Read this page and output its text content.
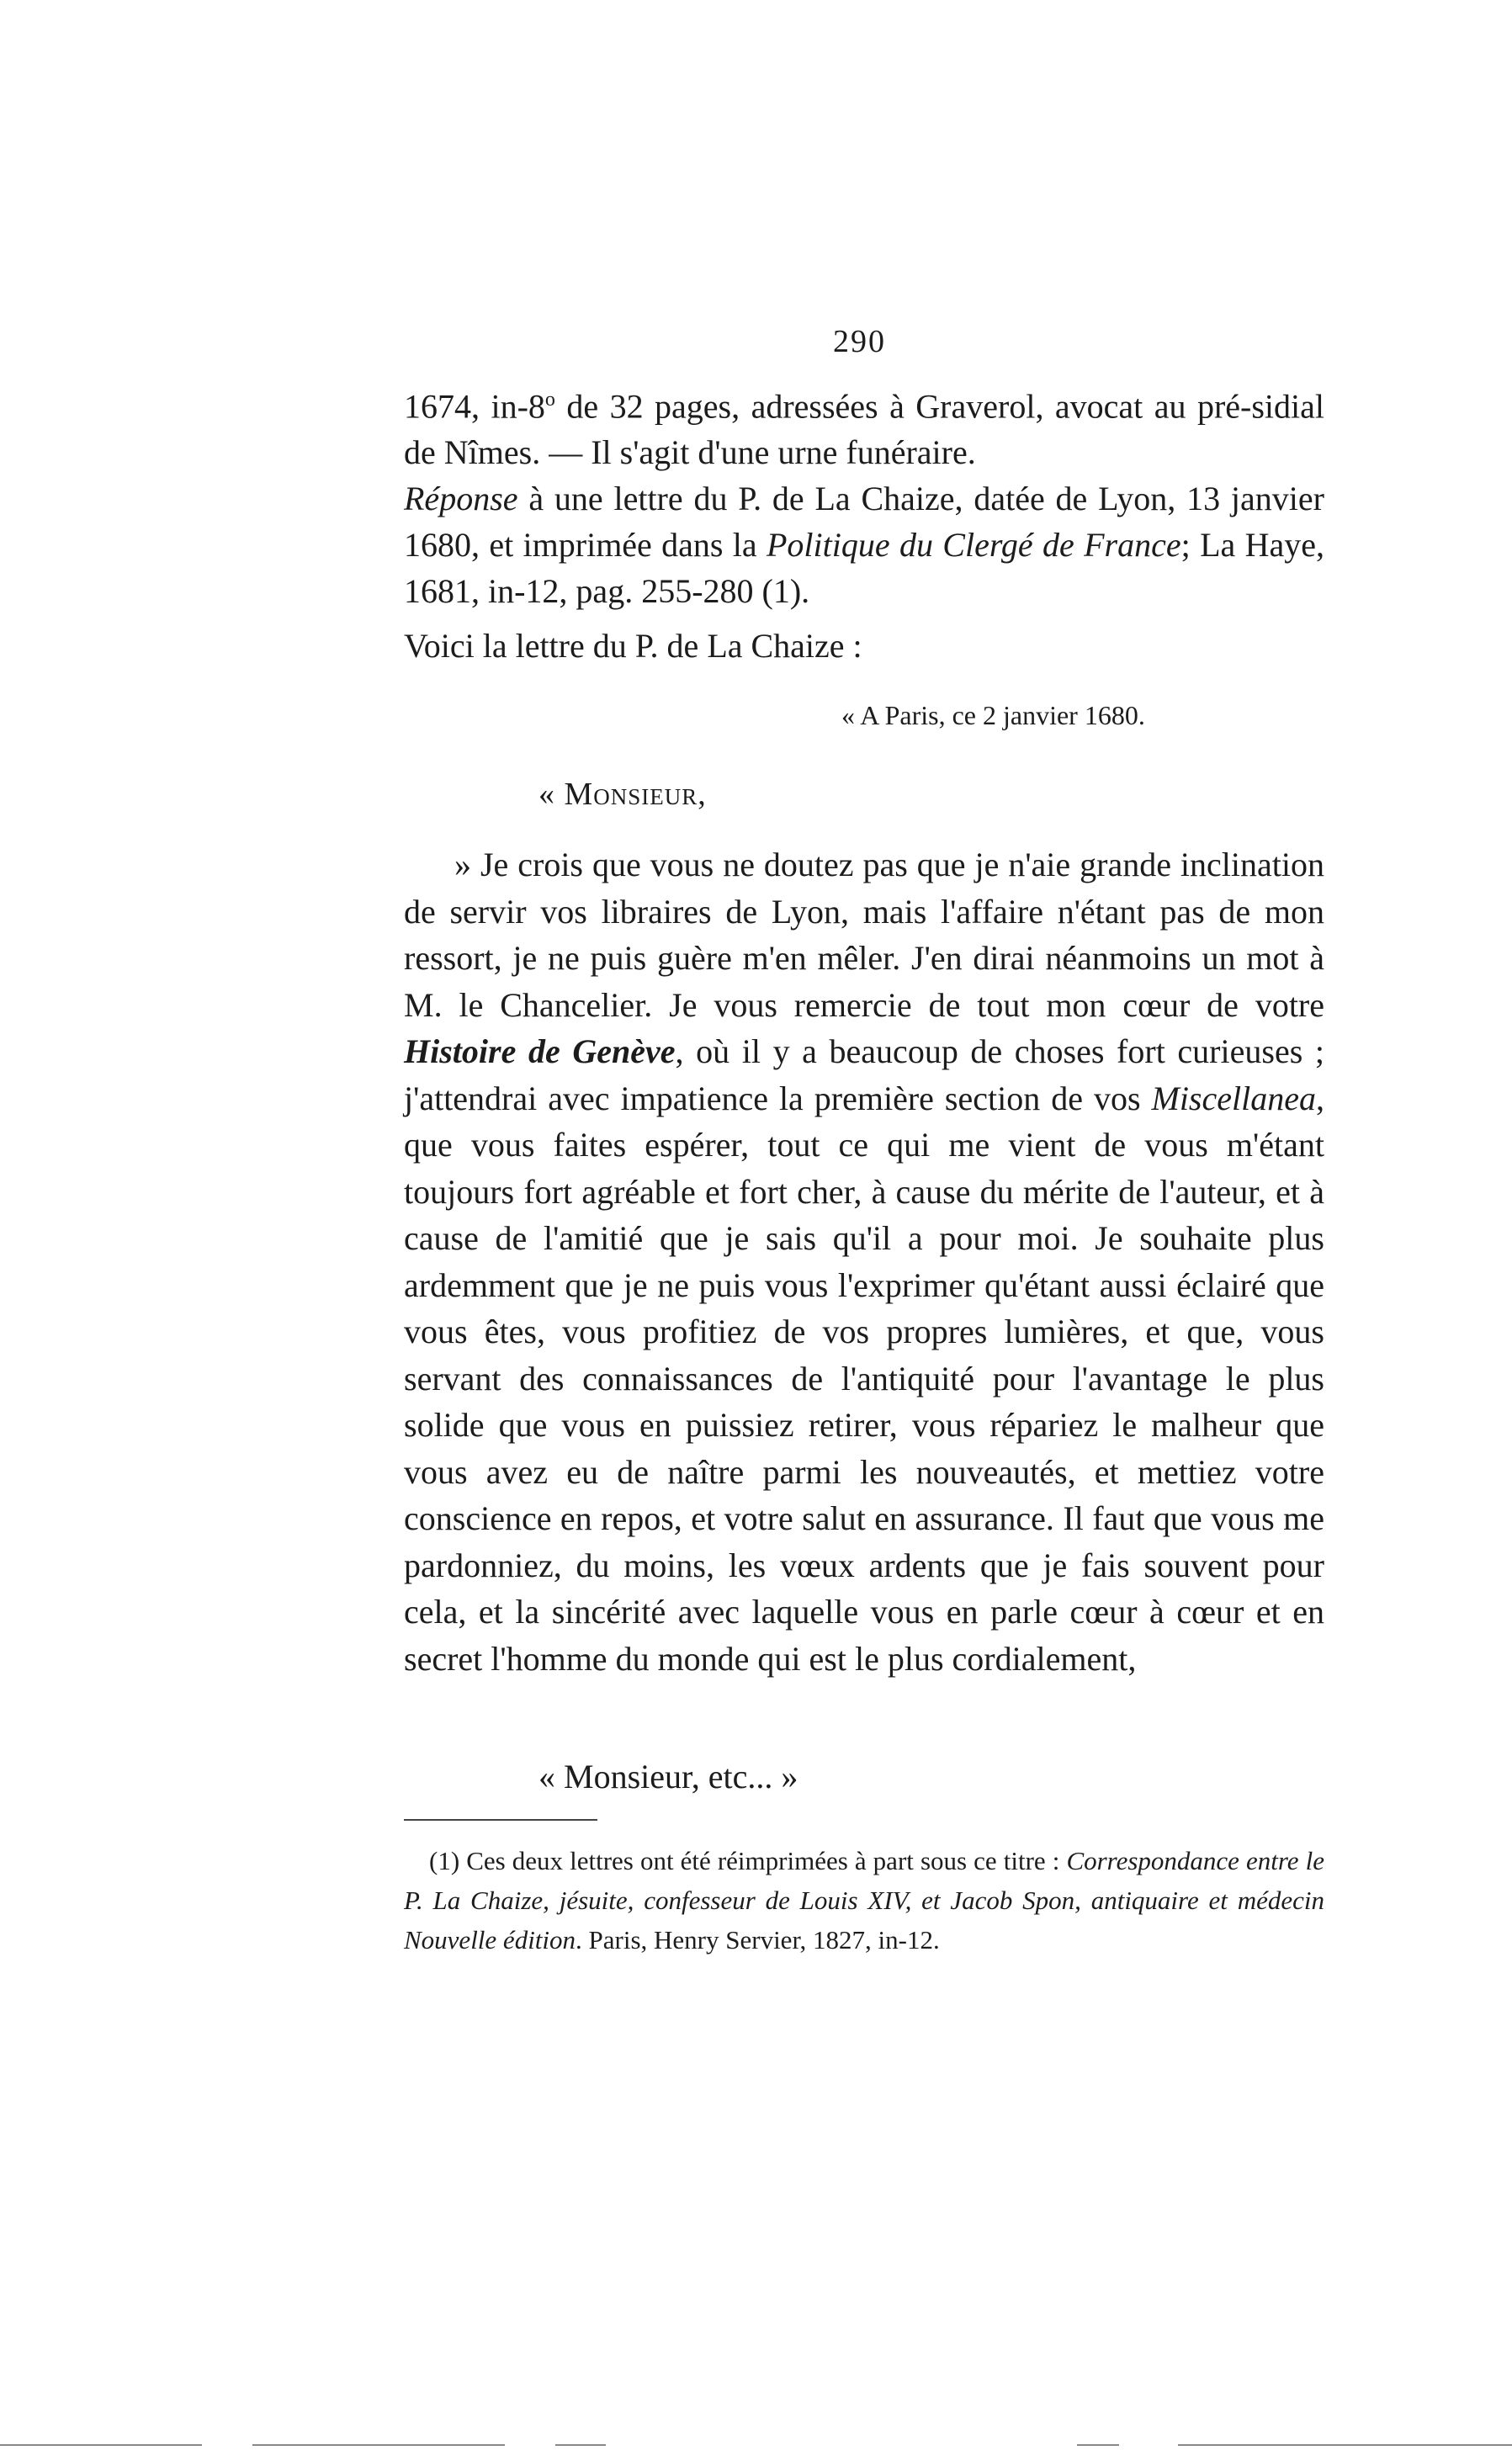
290

1674, in-8$^o$ de 32 pages, adressées à Graverol, avocat au pré-sidial de Nîmes. — Il s'agit d'une urne funéraire.

Réponse à une lettre du P. de La Chaize, datée de Lyon, 13 janvier 1680, et imprimée dans la Politique du Clergé de France; La Haye, 1681, in-12, pag. 255-280 (1).

Voici la lettre du P. de La Chaize :

« A Paris, ce 2 janvier 1680.
« Monsieur,
» Je crois que vous ne doutez pas que je n'aie grande inclination de servir vos libraires de Lyon, mais l'affaire n'étant pas de mon ressort, je ne puis guère m'en mêler. J'en dirai néanmoins un mot à M. le Chancelier. Je vous remercie de tout mon cœur de votre Histoire de Genève, où il y a beaucoup de choses fort curieuses ; j'attendrai avec impatience la première section de vos Miscellanea, que vous faites espérer, tout ce qui me vient de vous m'étant toujours fort agréable et fort cher, à cause du mérite de l'auteur, et à cause de l'amitié que je sais qu'il a pour moi. Je souhaite plus ardemment que je ne puis vous l'exprimer qu'étant aussi éclairé que vous êtes, vous profitiez de vos propres lumières, et que, vous servant des connaissances de l'antiquité pour l'avantage le plus solide que vous en puissiez retirer, vous répariez le malheur que vous avez eu de naître parmi les nouveautés, et mettiez votre conscience en repos, et votre salut en assurance. Il faut que vous me pardonniez, du moins, les vœux ardents que je fais souvent pour cela, et la sincérité avec laquelle vous en parle cœur à cœur et en secret l'homme du monde qui est le plus cordialement,
« Monsieur, etc... »
(1) Ces deux lettres ont été réimprimées à part sous ce titre : Correspondance entre le P. La Chaize, jésuite, confesseur de Louis XIV, et Jacob Spon, antiquaire et médecin Nouvelle édition. Paris, Henry Servier, 1827, in-12.
